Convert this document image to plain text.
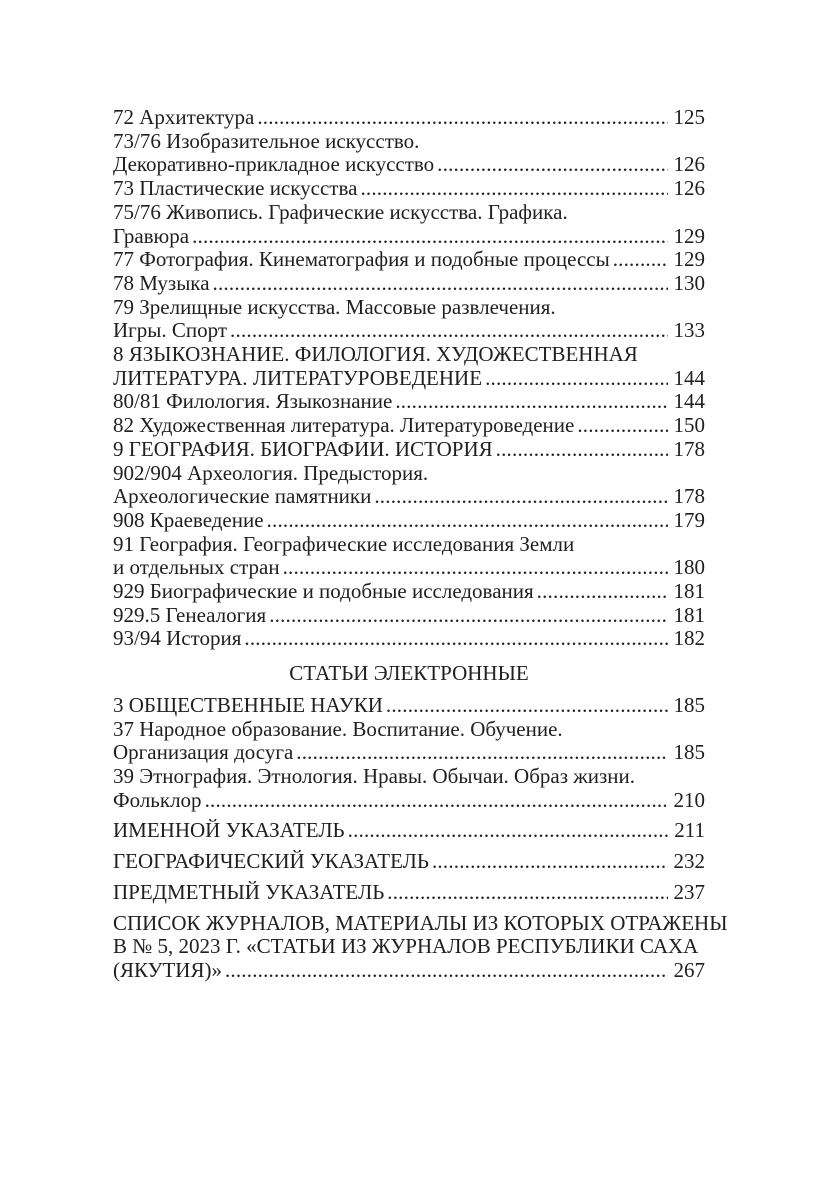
72 Архитектура .....	125
73/76 Изобразительное искусство.
Декоративно-прикладное искусство .....	126
73 Пластические искусства .....	126
75/76 Живопись. Графические искусства. Графика.
Гравюра .....	129
77 Фотография. Кинематография и подобные процессы .....	129
78 Музыка .....	130
79 Зрелищные искусства. Массовые развлечения.
Игры. Спорт .....	133
8 ЯЗЫКОЗНАНИЕ. ФИЛОЛОГИЯ. ХУДОЖЕСТВЕННАЯ
ЛИТЕРАТУРА. ЛИТЕРАТУРОВЕДЕНИЕ .....	144
80/81 Филология. Языкознание .....	144
82 Художественная литература. Литературоведение .....	150
9 ГЕОГРАФИЯ. БИОГРАФИИ. ИСТОРИЯ .....	178
902/904 Археология. Предыстория.
Археологические памятники .....	178
908 Краеведение .....	179
91 География. Географические исследования Земли
и отдельных стран .....	180
929 Биографические и подобные исследования .....	181
929.5 Генеалогия .....	181
93/94 История .....	182
СТАТЬИ ЭЛЕКТРОННЫЕ
3 ОБЩЕСТВЕННЫЕ НАУКИ .....	185
37 Народное образование. Воспитание. Обучение.
Организация досуга .....	185
39 Этнография. Этнология. Нравы. Обычаи. Образ жизни.
Фольклор .....	210
ИМЕННОЙ УКАЗАТЕЛЬ .....	211
ГЕОГРАФИЧЕСКИЙ УКАЗАТЕЛЬ .....	232
ПРЕДМЕТНЫЙ УКАЗАТЕЛЬ .....	237
СПИСОК ЖУРНАЛОВ, МАТЕРИАЛЫ ИЗ КОТОРЫХ ОТРАЖЕНЫ
В № 5, 2023 Г. «СТАТЬИ ИЗ ЖУРНАЛОВ РЕСПУБЛИКИ САХА
(ЯКУТИЯ)» .....	267
